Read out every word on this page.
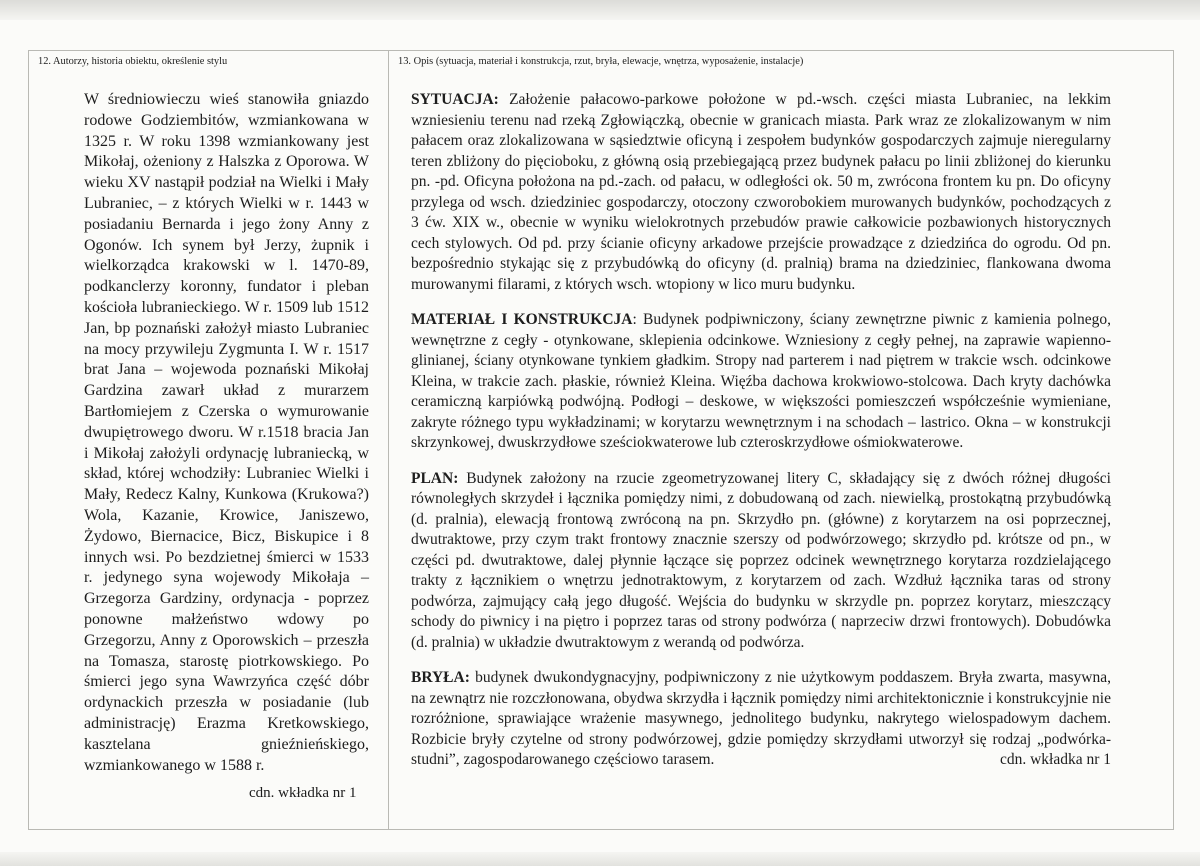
12. Autorzy, historia obiektu, określenie stylu	13. Opis (sytuacja, materiał i konstrukcja, rzut, bryła, elewacje, wnętrza, wyposażenie, instalacje)

W średniowieczu wieś stanowiła gniazdo rodowe Godziembitów, wzmiankowana w 1325 r. W roku 1398 wzmiankowany jest Mikołaj, ożeniony z Halszka z Oporowa. W wieku XV nastąpił podział na Wielki i Mały Lubraniec, – z których Wielki w r. 1443 w posiadaniu Bernarda i jego żony Anny z Ogonów. Ich synem był Jerzy, żupnik i wielkorządca krakowski w l. 1470-89, podkanclerzy koronny, fundator i pleban kościoła lubranieckiego. W r. 1509 lub 1512 Jan, bp poznański założył miasto Lubraniec na mocy przywileju Zygmunta I. W r. 1517 brat Jana – wojewoda poznański Mikołaj Gardzina zawarł układ z murarzem Bartłomiejem z Czerska o wymurowanie dwupiętrowego dworu. W r.1518 bracia Jan i Mikołaj założyli ordynację lubraniecką, w skład, której wchodziły: Lubraniec Wielki i Mały, Redecz Kalny, Kunkowa (Krukowa?) Wola, Kazanie, Krowice, Janiszewo, Żydowo, Biernacice, Bicz, Biskupice i 8 innych wsi. Po bezdzietnej śmierci w 1533 r. jedynego syna wojewody Mikołaja – Grzegorza Gardziny, ordynacja - poprzez ponowne małżeństwo wdowy po Grzegorzu, Anny z Oporowskich – przeszła na Tomasza, starostę piotrkowskiego. Po śmierci jego syna Wawrzyńca część dóbr ordynackich przeszła w posiadanie (lub administrację) Erazma Kretkowskiego, kasztelana gnieźnieńskiego, wzmiankowanego w 1588 r.

cdn. wkładka nr 1

SYTUACJA: Założenie pałacowo-parkowe położone w pd.-wsch. części miasta Lubraniec, na lekkim wzniesieniu terenu nad rzeką Zgłowiączką, obecnie w granicach miasta. Park wraz ze zlokalizowanym w nim pałacem oraz zlokalizowana w sąsiedztwie oficyną i zespołem budynków gospodarczych zajmuje nieregularny teren zbliżony do pięcioboku, z główną osią przebiegającą przez budynek pałacu po linii zbliżonej do kierunku pn. -pd. Oficyna położona na pd.-zach. od pałacu, w odległości ok. 50 m, zwrócona frontem ku pn. Do oficyny przylega od wsch. dziedziniec gospodarczy, otoczony czworobokiem murowanych budynków, pochodzących z 3 ćw. XIX w., obecnie w wyniku wielokrotnych przebudów prawie całkowicie pozbawionych historycznych cech stylowych. Od pd. przy ścianie oficyny arkadowe przejście prowadzące z dziedzińca do ogrodu. Od pn. bezpośrednio stykając się z przybudówką do oficyny (d. pralnią) brama na dziedziniec, flankowana dwoma murowanymi filarami, z których wsch. wtopiony w lico muru budynku.

MATERIAŁ I KONSTRUKCJA: Budynek podpiwniczony, ściany zewnętrzne piwnic z kamienia polnego, wewnętrzne z cegły - otynkowane, sklepienia odcinkowe. Wzniesiony z cegły pełnej, na zaprawie wapienno-glinianej, ściany otynkowane tynkiem gładkim. Stropy nad parterem i nad piętrem w trakcie wsch. odcinkowe Kleina, w trakcie zach. płaskie, również Kleina. Więźba dachowa krokwiowo-stolcowa. Dach kryty dachówka ceramiczną karpiówką podwójną. Podłogi – deskowe, w większości pomieszczeń współcześnie wymieniane, zakryte różnego typu wykładzinami; w korytarzu wewnętrznym i na schodach – lastrico. Okna – w konstrukcji skrzynkowej, dwuskrzydłowe sześciokwaterowe lub czteroskrzydłowe ośmiokwaterowe.

PLAN: Budynek założony na rzucie zgeometryzowanej litery C, składający się z dwóch różnej długości równoległych skrzydeł i łącznika pomiędzy nimi, z dobudowaną od zach. niewielką, prostokątną przybudówką (d. pralnia), elewacją frontową zwróconą na pn. Skrzydło pn. (główne) z korytarzem na osi poprzecznej, dwutraktowe, przy czym trakt frontowy znacznie szerszy od podwórzowego; skrzydło pd. krótsze od pn., w części pd. dwutraktowe, dalej płynnie łączące się poprzez odcinek wewnętrznego korytarza rozdzielającego trakty z łącznikiem o wnętrzu jednotraktowym, z korytarzem od zach. Wzdłuż łącznika taras od strony podwórza, zajmujący całą jego długość. Wejścia do budynku w skrzydle pn. poprzez korytarz, mieszczący schody do piwnicy i na piętro i poprzez taras od strony podwórza ( naprzeciw drzwi frontowych). Dobudówka (d. pralnia) w układzie dwutraktowym z werandą od podwórza.

BRYŁA: budynek dwukondygnacyjny, podpiwniczony z nie użytkowym poddaszem. Bryła zwarta, masywna, na zewnątrz nie rozczłonowana, obydwa skrzydła i łącznik pomiędzy nimi architektonicznie i konstrukcyjnie nie rozróżnione, sprawiające wrażenie masywnego, jednolitego budynku, nakrytego wielospadowym dachem. Rozbicie bryły czytelne od strony podwórzowej, gdzie pomiędzy skrzydłami utworzył się rodzaj „podwórka-studni”, zagospodarowanego częściowo tarasem.	cdn. wkładka nr 1
